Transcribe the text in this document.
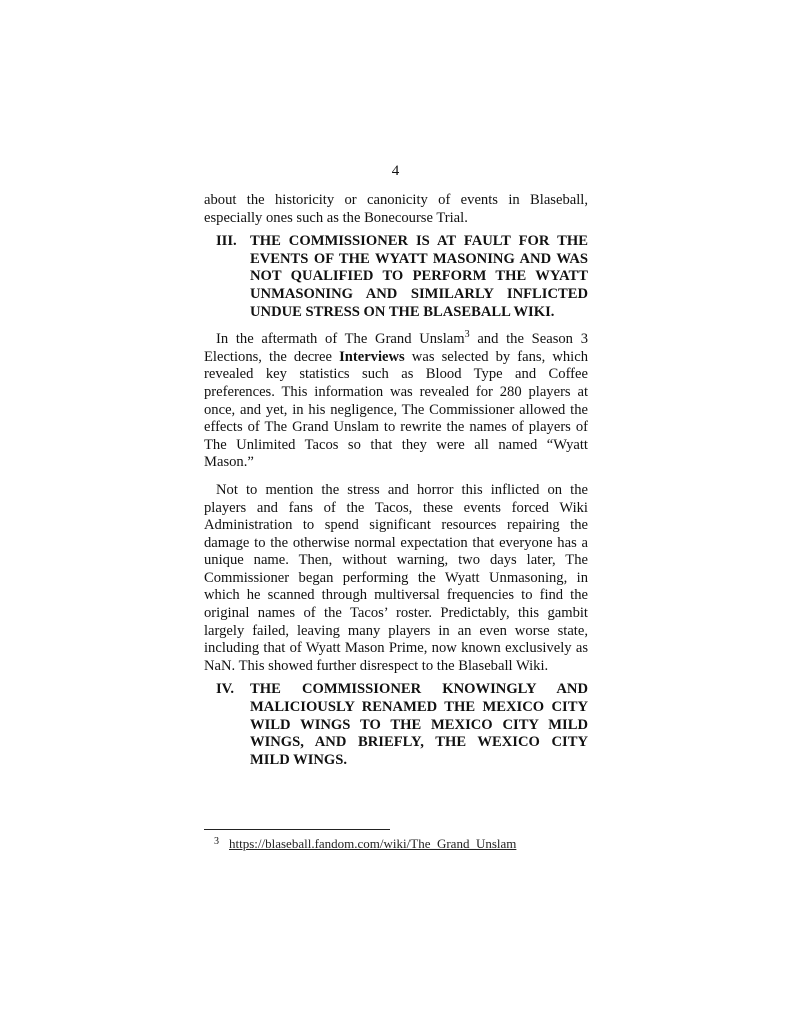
4

about the historicity or canonicity of events in Blaseball, especially ones such as the Bonecourse Trial.

III. THE COMMISSIONER IS AT FAULT FOR THE EVENTS OF THE WYATT MASONING AND WAS NOT QUALIFIED TO PERFORM THE WYATT UNMASONING AND SIMILARLY INFLICTED UNDUE STRESS ON THE BLASEBALL WIKI.

In the aftermath of The Grand Unslam$^3$ and the Season 3 Elections, the decree Interviews was selected by fans, which revealed key statistics such as Blood Type and Coffee preferences. This information was revealed for 280 players at once, and yet, in his negligence, The Commissioner allowed the effects of The Grand Unslam to rewrite the names of players of The Unlimited Tacos so that they were all named “Wyatt Mason.”

Not to mention the stress and horror this inflicted on the players and fans of the Tacos, these events forced Wiki Administration to spend significant resources repairing the damage to the otherwise normal expectation that everyone has a unique name. Then, without warning, two days later, The Commissioner began performing the Wyatt Unmasoning, in which he scanned through multiversal frequencies to find the original names of the Tacos’ roster. Predictably, this gambit largely failed, leaving many players in an even worse state, including that of Wyatt Mason Prime, now known exclusively as NaN. This showed further disrespect to the Blaseball Wiki.

IV.	THE COMMISSIONER KNOWINGLY AND MALICIOUSLY RENAMED THE MEXICO CITY WILD WINGS TO THE MEXICO CITY MILD WINGS, AND BRIEFLY, THE WEXICO CITY MILD WINGS.
3 https://blaseball.fandom.com/wiki/The_Grand_Unslam
